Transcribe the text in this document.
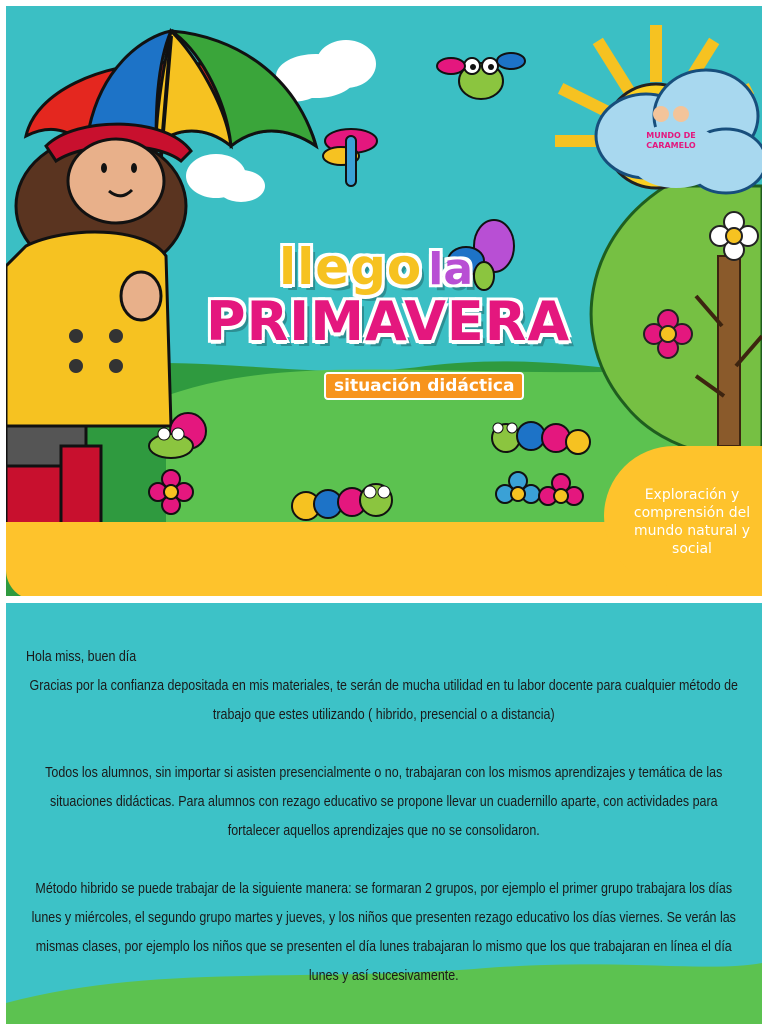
MUNDO DE
CARAMELO
llego la
PRIMAVERA
situación didáctica
Exploración y comprensión del mundo natural y social

Hola miss, buen día

Gracias por la confianza depositada en mis materiales, te serán de mucha utilidad en tu labor docente para cualquier método de trabajo que estes utilizando ( hibrido, presencial o a distancia)

Todos los alumnos, sin importar si asisten presencialmente o no, trabajaran con los mismos aprendizajes y temática de las situaciones didácticas. Para alumnos con rezago educativo se propone llevar un cuadernillo aparte, con actividades para fortalecer aquellos aprendizajes que no se consolidaron.

Método hibrido se puede trabajar de la siguiente manera: se formaran 2 grupos, por ejemplo el primer grupo trabajara los días lunes y miércoles, el segundo grupo martes y jueves, y los niños que presenten rezago educativo los días viernes. Se verán las mismas clases, por ejemplo los niños que se presenten el día lunes trabajaran lo mismo que los que trabajaran en línea el día lunes y así sucesivamente.
